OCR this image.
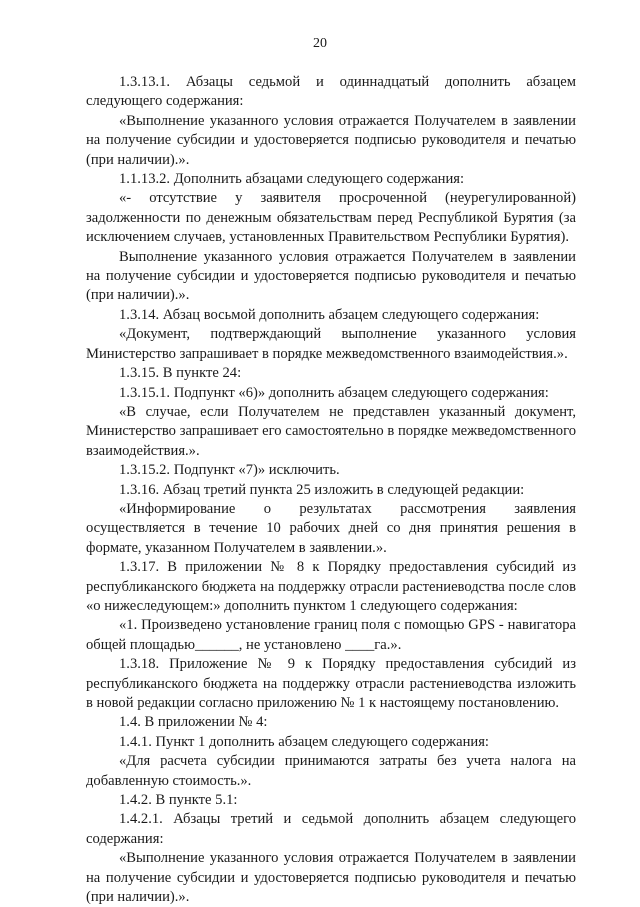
20

1.3.13.1. Абзацы седьмой и одиннадцатый дополнить абзацем следующего содержания:

«Выполнение указанного условия отражается Получателем в заявлении на получение субсидии и удостоверяется подписью руководителя и печатью (при наличии).».

1.1.13.2. Дополнить абзацами следующего содержания:

«- отсутствие у заявителя просроченной (неурегулированной) задолженности по денежным обязательствам перед Республикой Бурятия (за исключением случаев, установленных Правительством Республики Бурятия).

Выполнение указанного условия отражается Получателем в заявлении на получение субсидии и удостоверяется подписью руководителя и печатью (при наличии).».

1.3.14. Абзац восьмой дополнить абзацем следующего содержания:

«Документ, подтверждающий выполнение указанного условия Министерство запрашивает в порядке межведомственного взаимодействия.».

1.3.15. В пункте 24:

1.3.15.1. Подпункт «6)» дополнить абзацем следующего содержания:

«В случае, если Получателем не представлен указанный документ, Министерство запрашивает его самостоятельно в порядке межведомственного взаимодействия.».

1.3.15.2. Подпункт «7)» исключить.

1.3.16. Абзац третий пункта 25 изложить в следующей редакции:

«Информирование о результатах рассмотрения заявления осуществляется в течение 10 рабочих дней со дня принятия решения в формате, указанном Получателем в заявлении.».

1.3.17. В приложении № 8 к Порядку предоставления субсидий из республиканского бюджета на поддержку отрасли растениеводства после слов «о нижеследующем:» дополнить пунктом 1 следующего содержания:

«1. Произведено установление границ поля с помощью GPS - навигатора общей площадью______, не установлено ____га.».

1.3.18. Приложение № 9 к Порядку предоставления субсидий из республиканского бюджета на поддержку отрасли растениеводства изложить в новой редакции согласно приложению № 1 к настоящему постановлению.

1.4. В приложении № 4:

1.4.1. Пункт 1 дополнить абзацем следующего содержания:

«Для расчета субсидии принимаются затраты без учета налога на добавленную стоимость.».

1.4.2. В пункте 5.1:

1.4.2.1. Абзацы третий и седьмой дополнить абзацем следующего содержания:

«Выполнение указанного условия отражается Получателем в заявлении на получение субсидии и удостоверяется подписью руководителя и печатью (при наличии).».
